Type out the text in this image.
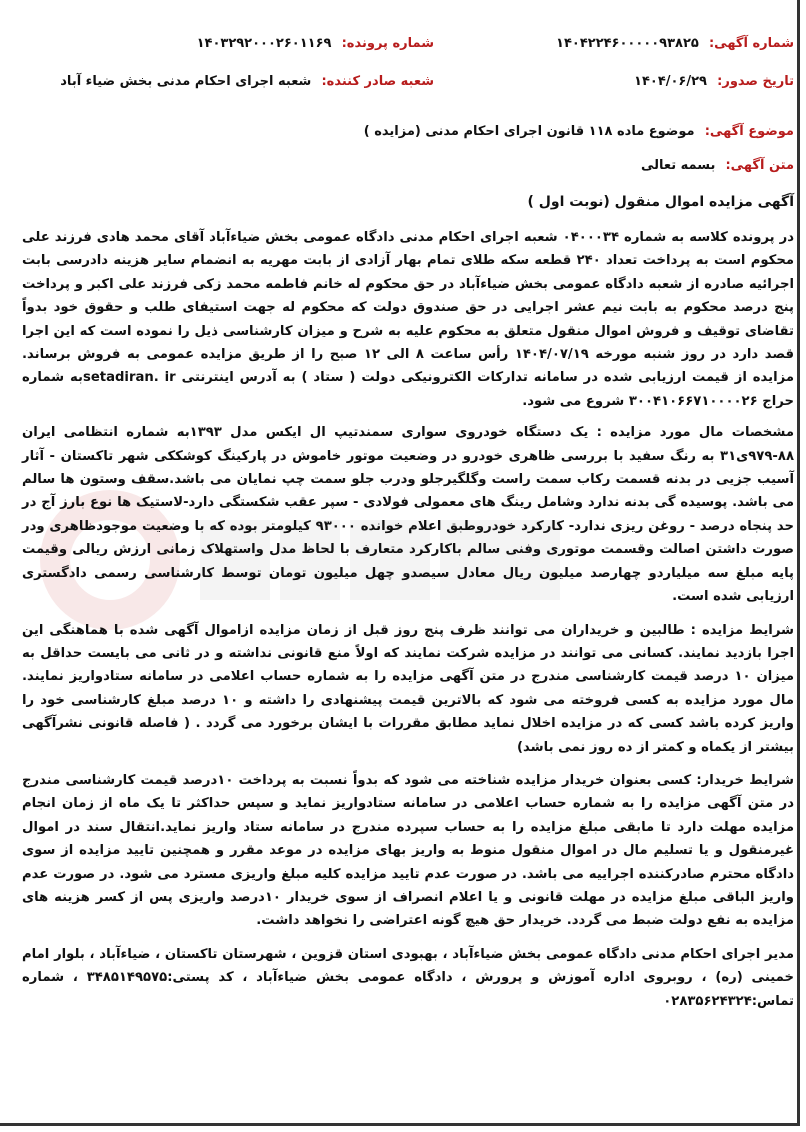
شماره آگهی: ۱۴۰۴۲۲۴۶۰۰۰۰۰۹۳۸۲۵
شماره پرونده: ۱۴۰۳۲۹۲۰۰۰۲۶۰۱۱۶۹
تاریخ صدور: ۱۴۰۴/۰۶/۲۹
شعبه صادر کننده: شعبه اجرای احکام مدنی بخش ضیاء آباد
موضوع آگهی: موضوع ماده ۱۱۸ قانون اجرای احکام مدنی (مزایده )
متن آگهی: بسمه تعالی
آگهی مزایده اموال منقول (نوبت اول )

در پرونده کلاسه به شماره ۰۴۰۰۰۳۴ شعبه اجرای احکام مدنی دادگاه عمومی بخش ضیاءآباد آقای محمد هادی فرزند علی محکوم است به پرداخت تعداد ۲۴۰ قطعه سکه طلای تمام بهار آزادی از بابت مهریه به انضمام سایر هزینه دادرسی بابت اجرائیه صادره از شعبه دادگاه عمومی بخش ضیاءآباد در حق محکوم له خانم فاطمه محمد زکی فرزند علی اکبر و پرداخت پنج درصد محکوم به بابت نیم عشر اجرایی در حق صندوق دولت که محکوم له جهت استیفای طلب و حقوق خود بدواً تقاضای توقیف و فروش اموال منقول متعلق به محکوم علیه به شرح و میزان کارشناسی ذیل را نموده است که این اجرا قصد دارد در روز شنبه مورخه ۱۴۰۴/۰۷/۱۹ رأس ساعت ۸ الی ۱۲ صبح را از طریق مزایده عمومی به فروش برساند. مزایده از قیمت ارزیابی شده در سامانه تدارکات الکترونیکی دولت ( ستاد ) به آدرس اینترنتی setadiran. irبه شماره حراج ۳۰۰۴۱۰۶۶۷۱۰۰۰۰۲۶ شروع می شود.

مشخصات مال مورد مزایده : یک دستگاه خودروی سواری سمندتیپ ال ایکس مدل ۱۳۹۳به شماره انتظامی ایران ۸۸-۹۷۹ی۳۱ به رنگ سفید با بررسی ظاهری خودرو در وضعیت موتور خاموش در پارکینگ کوشککی شهر تاکستان - آثار آسیب جزیی در بدنه قسمت رکاب سمت راست وگلگیرجلو ودرب جلو سمت چپ نمایان می باشد.سقف وستون ها سالم می باشد. پوسیده گی بدنه ندارد وشامل رینگ های معمولی فولادی - سپر عقب شکستگی دارد-لاستیک ها نوع بارز آج در حد پنجاه درصد - روغن ریزی ندارد- کارکرد خودروطبق اعلام خوانده ۹۳۰۰۰ کیلومتر بوده که با وضعیت موجودظاهری ودر صورت داشتن اصالت وقسمت موتوری وفنی سالم باکارکرد متعارف با لحاظ مدل واستهلاک زمانی ارزش ریالی وقیمت پایه مبلغ سه میلیاردو چهارصد میلیون ریال معادل سیصدو چهل میلیون تومان توسط کارشناسی رسمی دادگستری ارزیابی شده است.

شرایط مزایده : طالبین و خریداران می توانند ظرف پنج روز قبل از زمان مزایده ازاموال آگهی شده با هماهنگی این اجرا بازدید نمایند. کسانی می توانند در مزایده شرکت نمایند که اولاً منع قانونی نداشته و در ثانی می بایست حداقل به میزان ۱۰ درصد قیمت کارشناسی مندرج در متن آگهی مزایده را به شماره حساب اعلامی در سامانه ستادواریز نمایند. مال مورد مزایده به کسی فروخته می شود که بالاترین قیمت پیشنهادی را داشته و ۱۰ درصد مبلغ کارشناسی خود را واریز کرده باشد کسی که در مزایده اخلال نماید مطابق مقررات با ایشان برخورد می گردد . ( فاصله قانونی نشرآگهی بیشتر از یکماه و کمتر از ده روز نمی باشد)

شرایط خریدار: کسی بعنوان خریدار مزایده شناخته می شود که بدواً نسبت به پرداخت ۱۰درصد قیمت کارشناسی مندرج در متن آگهی مزایده را به شماره حساب اعلامی در سامانه ستادواریز نماید و سپس حداکثر تا یک ماه از زمان انجام مزایده مهلت دارد تا مابقی مبلغ مزایده را به حساب سپرده مندرج در سامانه ستاد واریز نماید.انتقال سند در اموال غیرمنقول و یا تسلیم مال در اموال منقول منوط به واریز بهای مزایده در موعد مقرر و همچنین تایید مزایده از سوی دادگاه محترم صادرکننده اجراییه می باشد. در صورت عدم تایید مزایده کلیه مبلغ واریزی مسترد می شود. در صورت عدم واریز الباقی مبلغ مزایده در مهلت قانونی و یا اعلام انصراف از سوی خریدار ۱۰درصد واریزی پس از کسر هزینه های مزایده به نفع دولت ضبط می گردد. خریدار حق هیچ گونه اعتراضی را نخواهد داشت.

مدیر اجرای احکام مدنی دادگاه عمومی بخش ضیاءآباد ، بهبودی استان قزوین ، شهرستان تاکستان ، ضیاءآباد ، بلوار امام خمینی (ره) ، روبروی اداره آموزش و پرورش ، دادگاه عمومی بخش ضیاءآباد ، کد پستی:۳۴۸۵۱۴۹۵۷۵ ، شماره تماس:۰۲۸۳۵۶۲۴۳۲۴
